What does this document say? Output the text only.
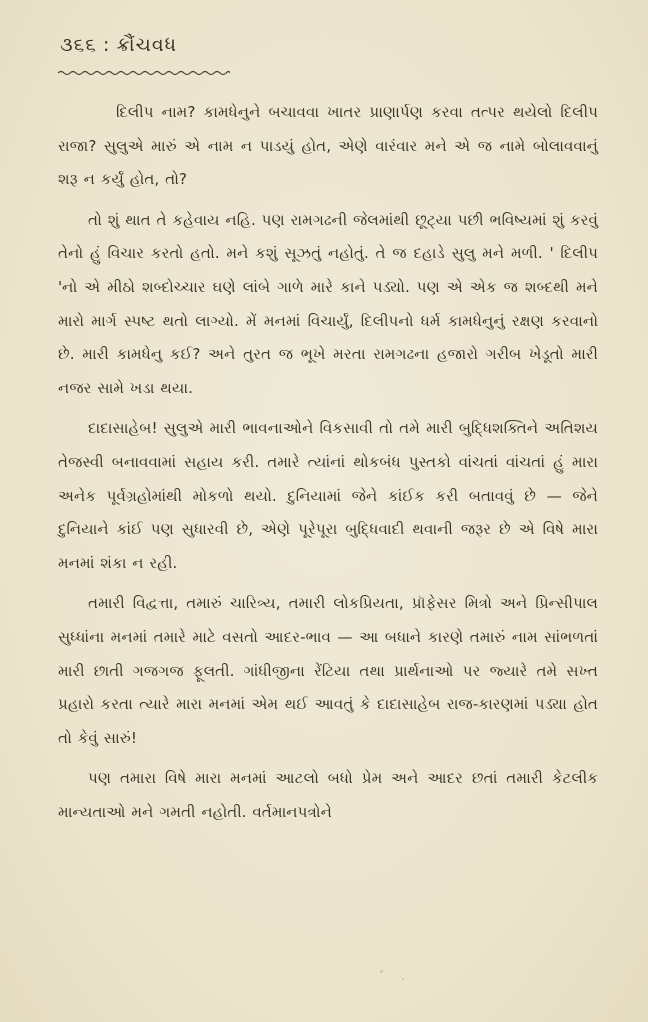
૩૬૬ : ક્રૌંચવધ

દિલીપ નામ? કામધેનુને બચાવવા ખાતર પ્રાણાર્પણ કરવા તત્પર થયેલો દિલીપ રાજા? સુલુએ મારું એ નામ ન પાડયું હોત, એણે વારંવાર મને એ જ નામે બોલાવવાનું શરૂ ન કર્યું હોત, તો?

તો શું થાત તે કહેવાય નહિ. પણ રામગઢની જેલમાંથી છૂટ્યા પછી ભવિષ્યમાં શું કરવું તેનો હું વિચાર કરતો હતો. મને કશું સૂઝતું નહોતું. તે જ દહાડે સુલુ મને મળી. ' દિલીપ 'નો એ મીઠો શબ્દોચ્ચાર ઘણે લાંબે ગાળે મારે કાને પડ્યો. પણ એ એક જ શબ્દથી મને મારો માર્ગ સ્પષ્ટ થતો લાગ્યો. મેં મનમાં વિચાર્યું, દિલીપનો ધર્મ કામધેનુનું રક્ષણ કરવાનો છે. મારી કામધેનુ કઈ? અને તુરત જ ભૂખે મરતા રામગઢના હજારો ગરીબ ખેડૂતો મારી નજર સામે ખડા થયા.

દાદાસાહેબ! સુલુએ મારી ભાવનાઓને વિકસાવી તો તમે મારી બુદ્ધિશક્તિને અતિશય તેજસ્વી બનાવવામાં સહાય કરી. તમારે ત્યાંનાં થોકબંધ પુસ્તકો વાંચતાં વાંચતાં હું મારા અનેક પૂર્વગ્રહોમાંથી મોકળો થયો. દુનિયામાં જેને કાંઈક કરી બતાવવું છે — જેને દુનિયાને કાંઈ પણ સુધારવી છે, એણે પૂરેપૂરા બુદ્ધિવાદી થવાની જરૂર છે એ વિષે મારા મનમાં શંકા ન રહી.

તમારી વિદ્વત્તા, તમારું ચારિત્ર્ય, તમારી લોકપ્રિયતા, પ્રૉફેસર મિત્રો અને પ્રિન્સીપાલ સુધ્ધાંના મનમાં તમારે માટે વસતો આદર-ભાવ — આ બધાને કારણે તમારું નામ સાંભળતાં મારી છાતી ગજગજ ફૂલતી. ગાંધીજીના રેંટિયા તથા પ્રાર્થનાઓ પર જ્યારે તમે સખ્ત પ્રહારો કરતા ત્યારે મારા મનમાં એમ થઈ આવતું કે દાદાસાહેબ રાજ-કારણમાં પડ્યા હોત તો કેવું સારું!

પણ તમારા વિષે મારા મનમાં આટલો બધો પ્રેમ અને આદર છતાં તમારી કેટલીક માન્યતાઓ મને ગમતી નહોતી. વર્તમાનપત્રોને
